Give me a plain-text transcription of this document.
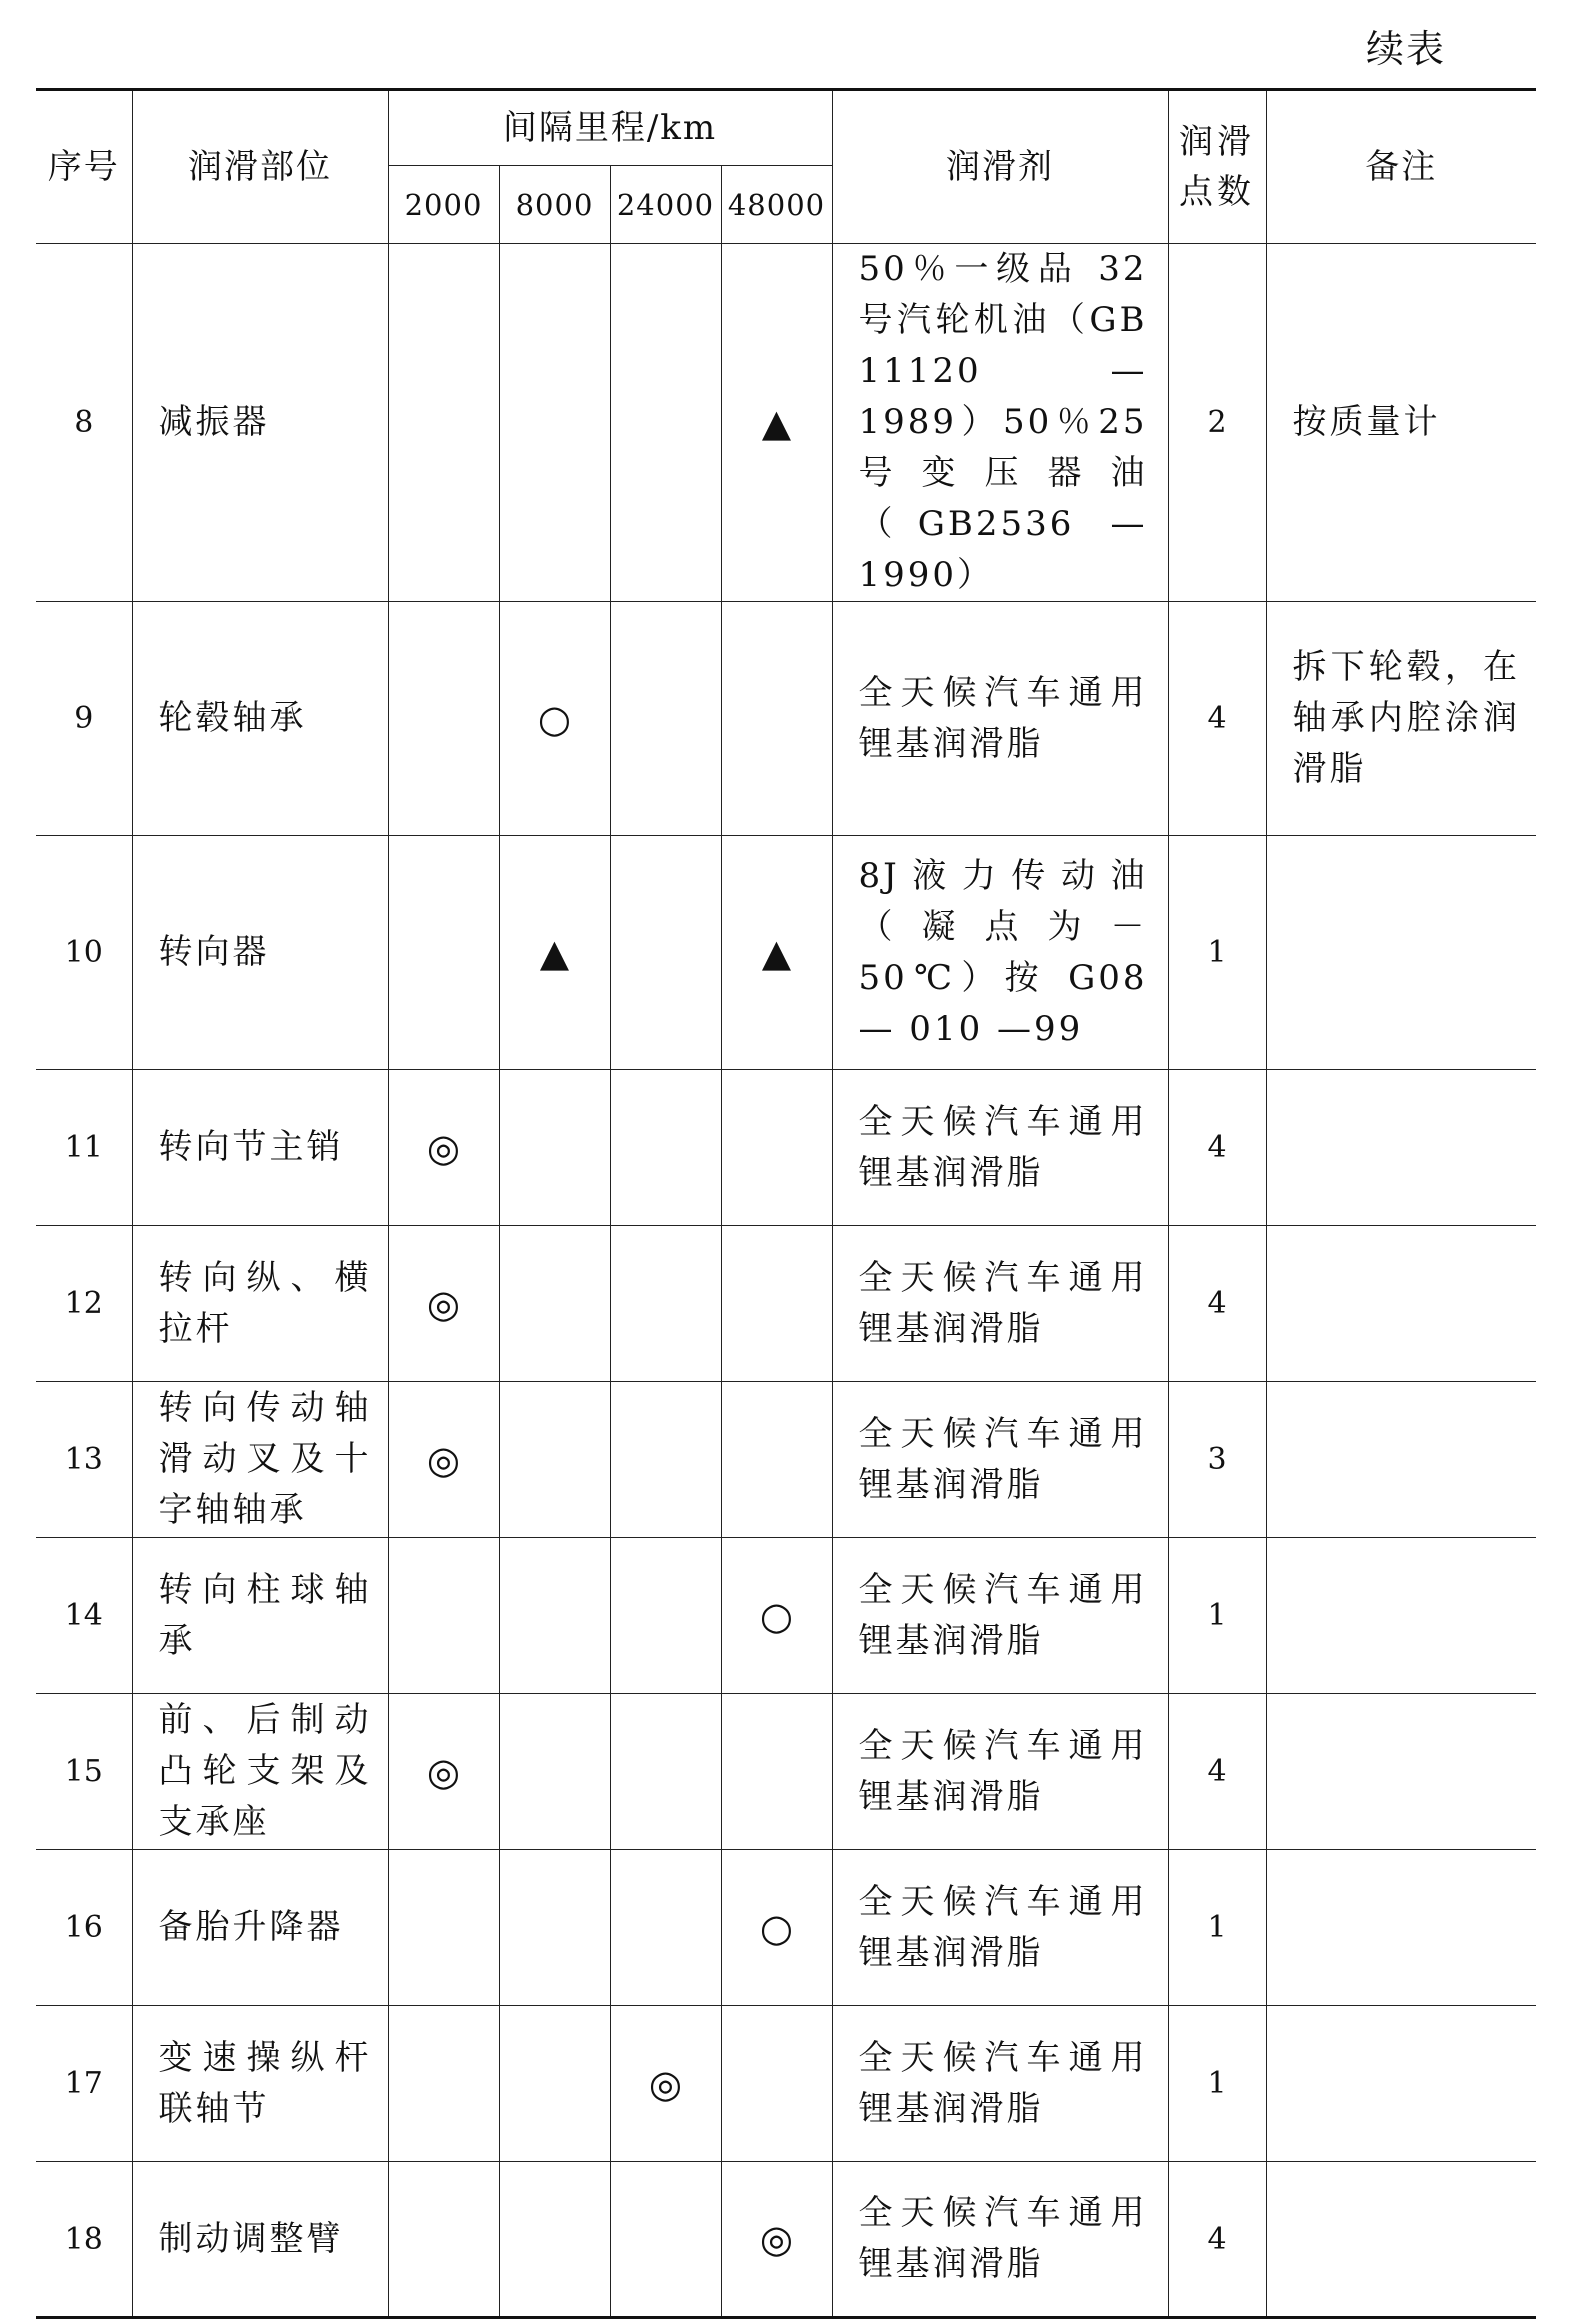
续表
序号	润滑部位	间隔里程/km				润滑剂	润滑点数	备注
		2000	8000	24000	48000			
8	减振器				▲	50％一级品 32号汽轮机油（GB 11120 — 1989）50％25号变压器油（GB2536 — 1990）	2	按质量计
9	轮毂轴承		○			全天候汽车通用锂基润滑脂	4	拆下轮毂，在轴承内腔涂润滑脂
10	转向器		▲		▲	8J液力传动油（凝点为－50℃）按 G08 — 010 —99	1	
11	转向节主销	◎				全天候汽车通用锂基润滑脂	4	
12	转向纵、横拉杆	◎				全天候汽车通用锂基润滑脂	4	
13	转向传动轴滑动叉及十字轴轴承	◎				全天候汽车通用锂基润滑脂	3	
14	转向柱球轴承				○	全天候汽车通用锂基润滑脂	1	
15	前、后制动凸轮支架及支承座	◎				全天候汽车通用锂基润滑脂	4	
16	备胎升降器				○	全天候汽车通用锂基润滑脂	1	
17	变速操纵杆联轴节			◎		全天候汽车通用锂基润滑脂	1	
18	制动调整臂				◎	全天候汽车通用锂基润滑脂	4	
